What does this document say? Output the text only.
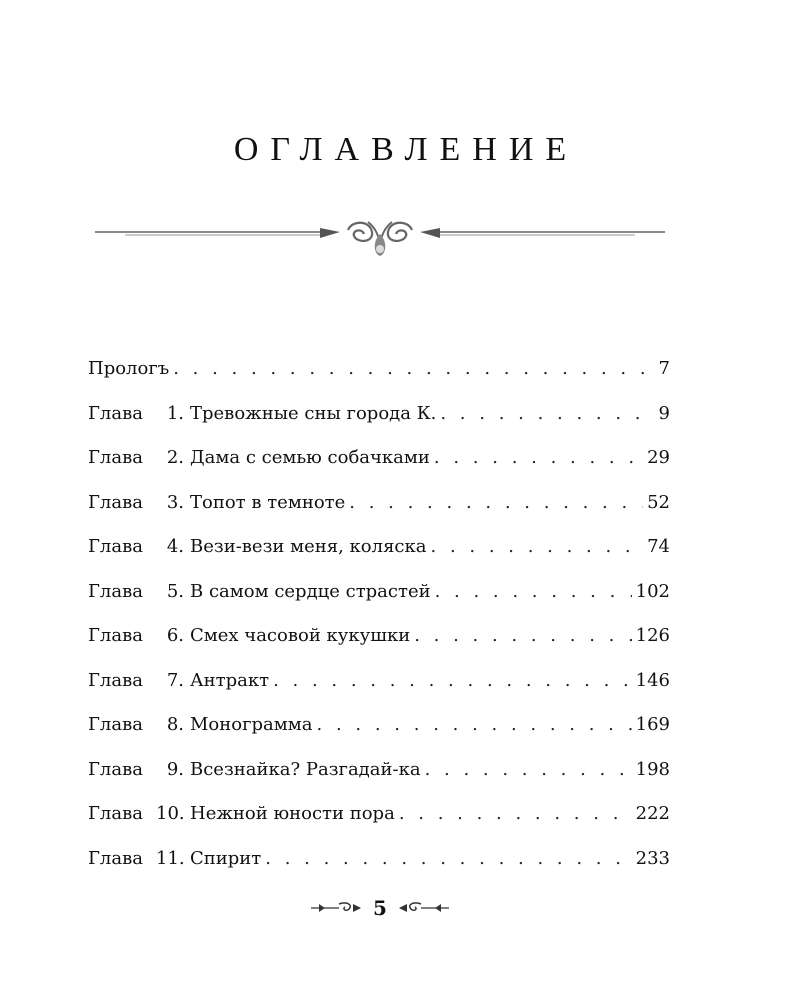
ОГЛАВЛЕНИЕ
Прологъ . . .	7
Глава 1. Тревожные сны города К. . . .	9
Глава 2. Дама с семью собачками . . .	29
Глава 3. Топот в темноте . . .	52
Глава 4. Вези-вези меня, коляска . . .	74
Глава 5. В самом сердце страстей . . .	102
Глава 6. Смех часовой кукушки . . .	126
Глава 7. Антракт . . .	146
Глава 8. Монограмма . . .	169
Глава 9. Всезнайка? Разгадай-ка . . .	198
Глава 10. Нежной юности пора . . .	222
Глава 11. Спирит . . .	233
5
